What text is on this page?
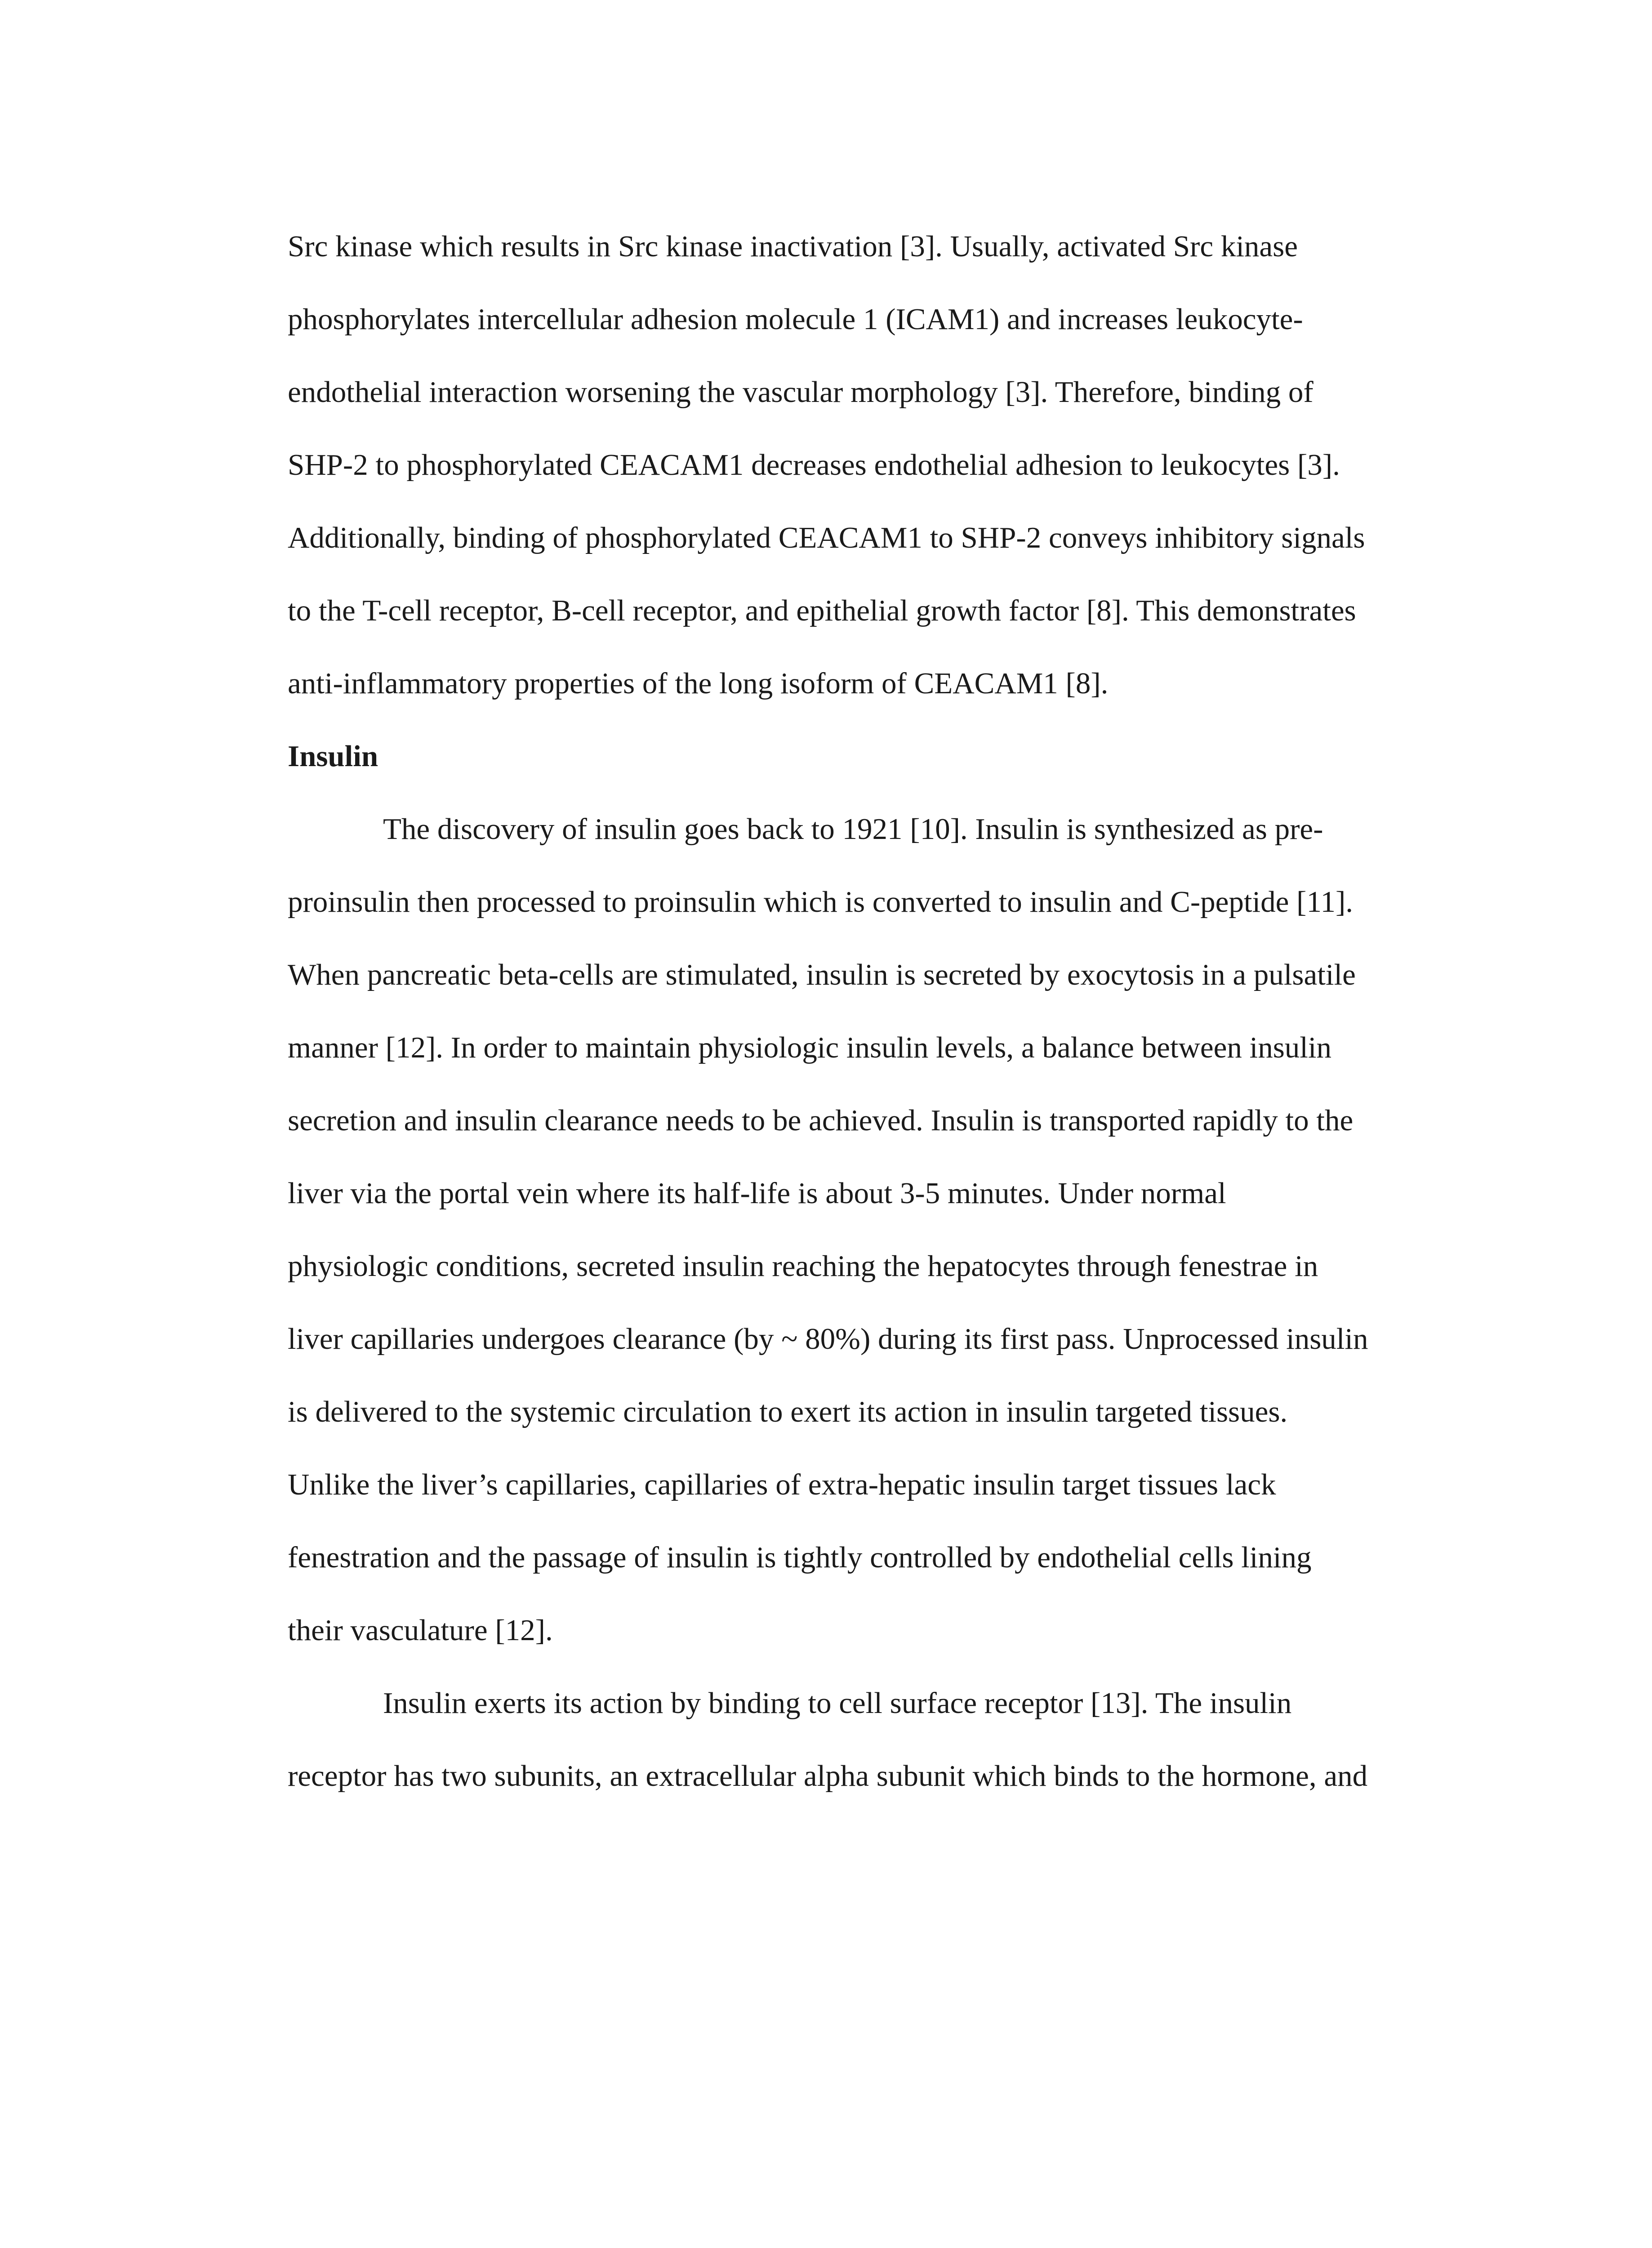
Src kinase which results in Src kinase inactivation [3]. Usually, activated Src kinase
phosphorylates intercellular adhesion molecule 1 (ICAM1) and increases leukocyte-
endothelial interaction worsening the vascular morphology [3]. Therefore, binding of
SHP-2 to phosphorylated CEACAM1 decreases endothelial adhesion to leukocytes [3].
Additionally, binding of phosphorylated CEACAM1 to SHP-2 conveys inhibitory signals
to the T-cell receptor, B-cell receptor, and epithelial growth factor [8]. This demonstrates
anti-inflammatory properties of the long isoform of CEACAM1 [8].
Insulin
The discovery of insulin goes back to 1921 [10]. Insulin is synthesized as pre-
proinsulin then processed to proinsulin which is converted to insulin and C-peptide [11].
When pancreatic beta-cells are stimulated, insulin is secreted by exocytosis in a pulsatile
manner [12]. In order to maintain physiologic insulin levels, a balance between insulin
secretion and insulin clearance needs to be achieved. Insulin is transported rapidly to the
liver via the portal vein where its half-life is about 3-5 minutes. Under normal
physiologic conditions, secreted insulin reaching the hepatocytes through fenestrae in
liver capillaries undergoes clearance (by ~ 80%) during its first pass. Unprocessed insulin
is delivered to the systemic circulation to exert its action in insulin targeted tissues.
Unlike the liver’s capillaries, capillaries of extra-hepatic insulin target tissues lack
fenestration and the passage of insulin is tightly controlled by endothelial cells lining
their vasculature [12].
Insulin exerts its action by binding to cell surface receptor [13]. The insulin
receptor has two subunits, an extracellular alpha subunit which binds to the hormone, and
